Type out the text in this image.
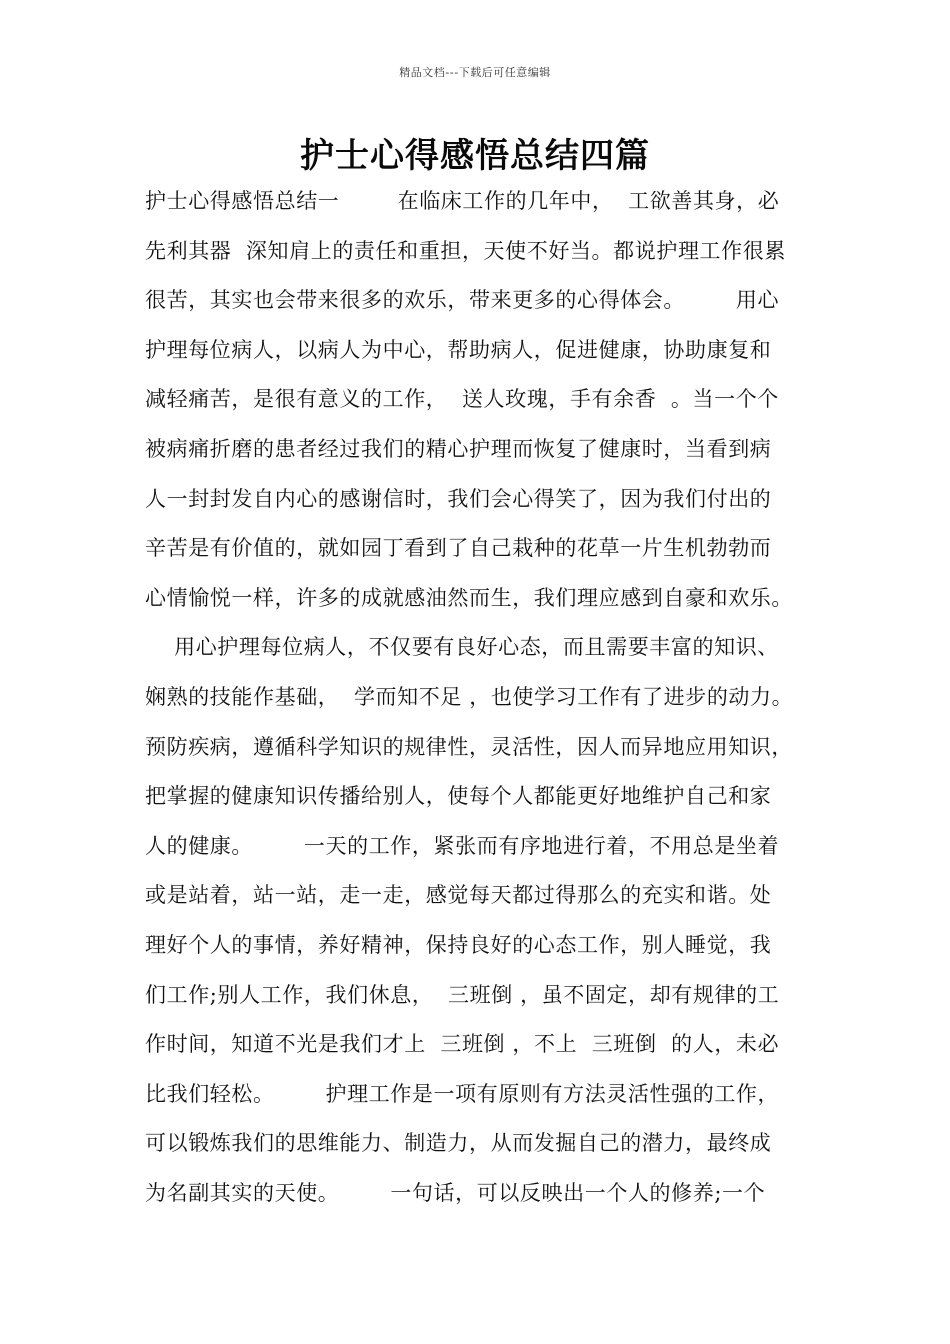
精品文档---下载后可任意编辑
护士心得感悟总结四篇
护士心得感悟总结一        在临床工作的几年中，  工欲善其身，必
先利其器  深知肩上的责任和重担，天使不好当。都说护理工作很累
很苦，其实也会带来很多的欢乐，带来更多的心得体会。       用心
护理每位病人，以病人为中心，帮助病人，促进健康，协助康复和
减轻痛苦，是很有意义的工作，  送人玫瑰，手有余香  。当一个个
被病痛折磨的患者经过我们的精心护理而恢复了健康时，当看到病
人一封封发自内心的感谢信时，我们会心得笑了，因为我们付出的
辛苦是有价值的，就如园丁看到了自己栽种的花草一片生机勃勃而
心情愉悦一样，许多的成就感油然而生，我们理应感到自豪和欢乐。
用心护理每位病人，不仅要有良好心态，而且需要丰富的知识、
娴熟的技能作基础，  学而知不足 ，也使学习工作有了进步的动力。
预防疾病，遵循科学知识的规律性，灵活性，因人而异地应用知识，
把掌握的健康知识传播给别人，使每个人都能更好地维护自己和家
人的健康。       一天的工作，紧张而有序地进行着，不用总是坐着
或是站着，站一站，走一走，感觉每天都过得那么的充实和谐。处
理好个人的事情，养好精神，保持良好的心态工作，别人睡觉，我
们工作;别人工作，我们休息，  三班倒 ，虽不固定，却有规律的工
作时间，知道不光是我们才上  三班倒 ，不上  三班倒  的人，未必
比我们轻松。       护理工作是一项有原则有方法灵活性强的工作，
可以锻炼我们的思维能力、制造力，从而发掘自己的潜力，最终成
为名副其实的天使。       一句话，可以反映出一个人的修养;一个
